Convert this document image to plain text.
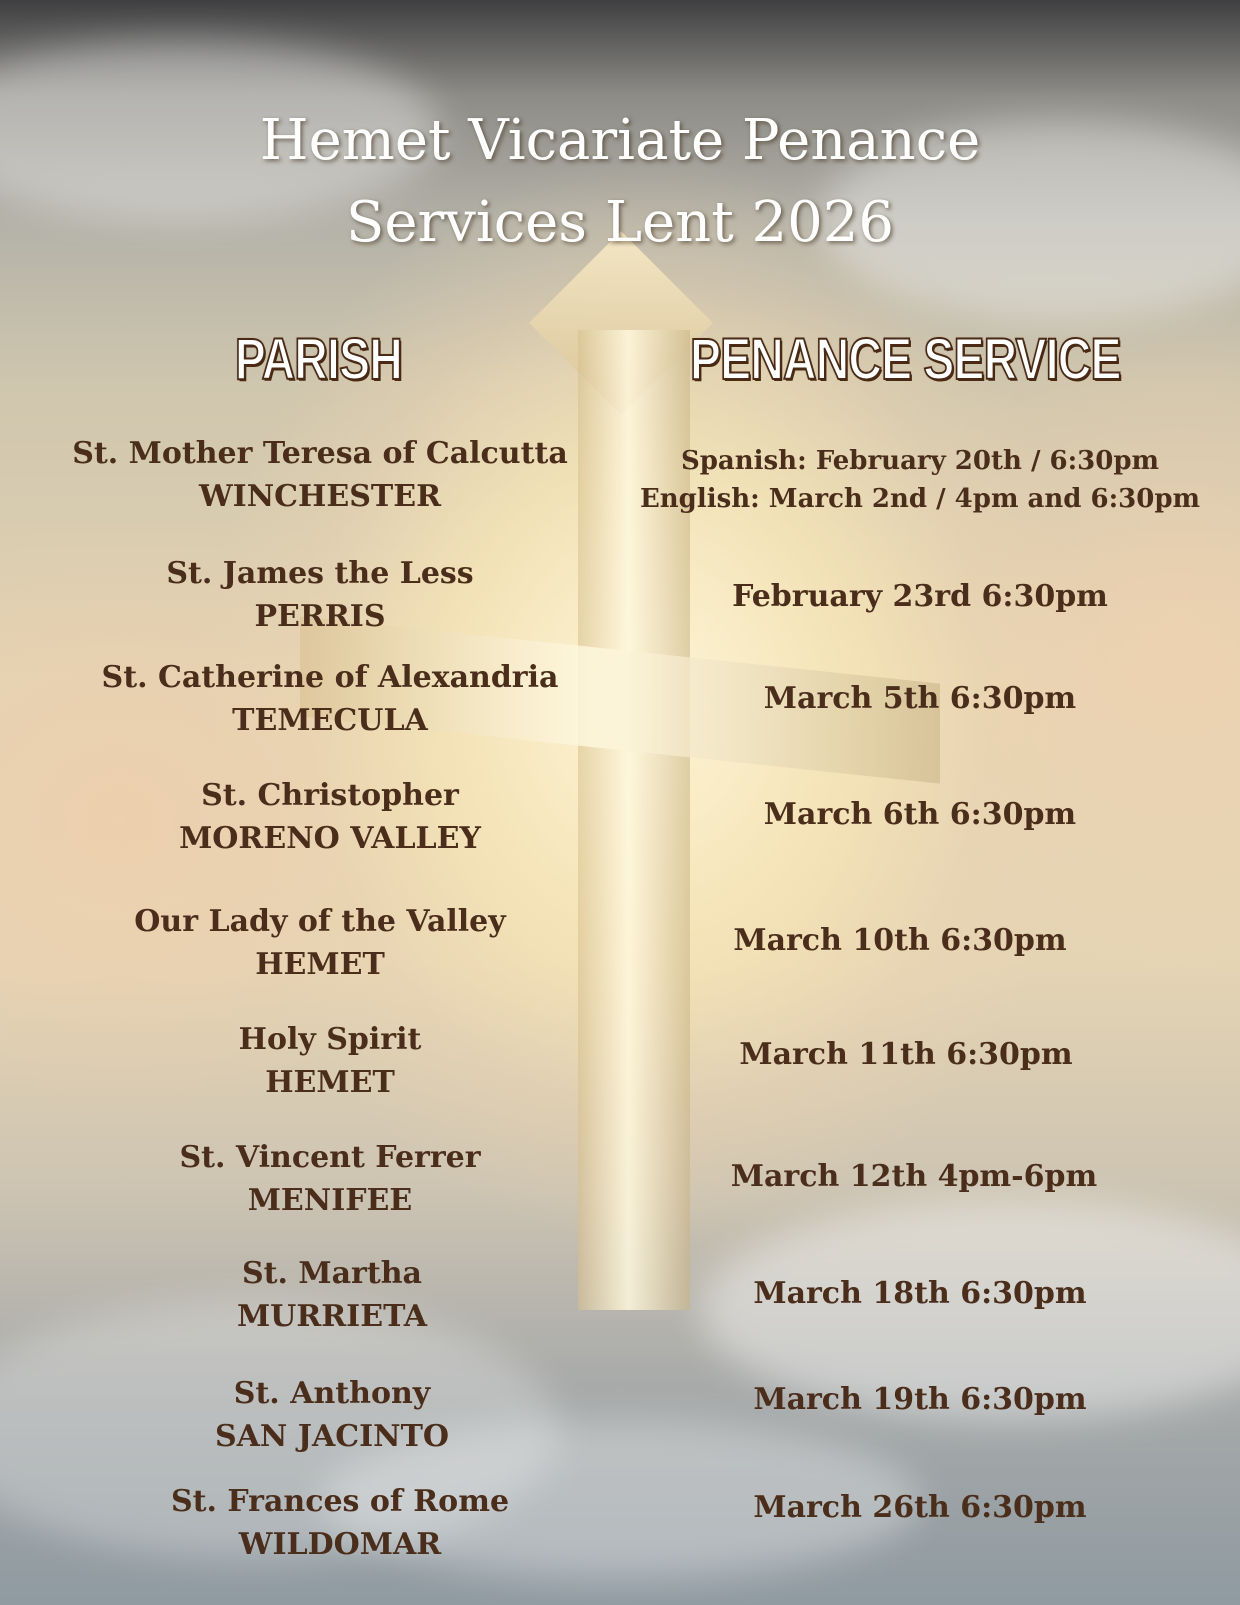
Hemet Vicariate Penance
Services Lent 2026
PARISH	PENANCE SERVICE
St. Mother Teresa of Calcutta
WINCHESTER
St. James the Less
PERRIS
St. Catherine of Alexandria
TEMECULA
St. Christopher
MORENO VALLEY
Our Lady of the Valley
HEMET
Holy Spirit
HEMET
St. Vincent Ferrer
MENIFEE
St. Martha
MURRIETA
St. Anthony
SAN JACINTO
St. Frances of Rome
WILDOMAR
Spanish: February 20th / 6:30pm
English: March 2nd / 4pm and 6:30pm
February 23rd 6:30pm
March 5th 6:30pm
March 6th 6:30pm
March 10th 6:30pm
March 11th 6:30pm
March 12th 4pm-6pm
March 18th 6:30pm
March 19th 6:30pm
March 26th 6:30pm
